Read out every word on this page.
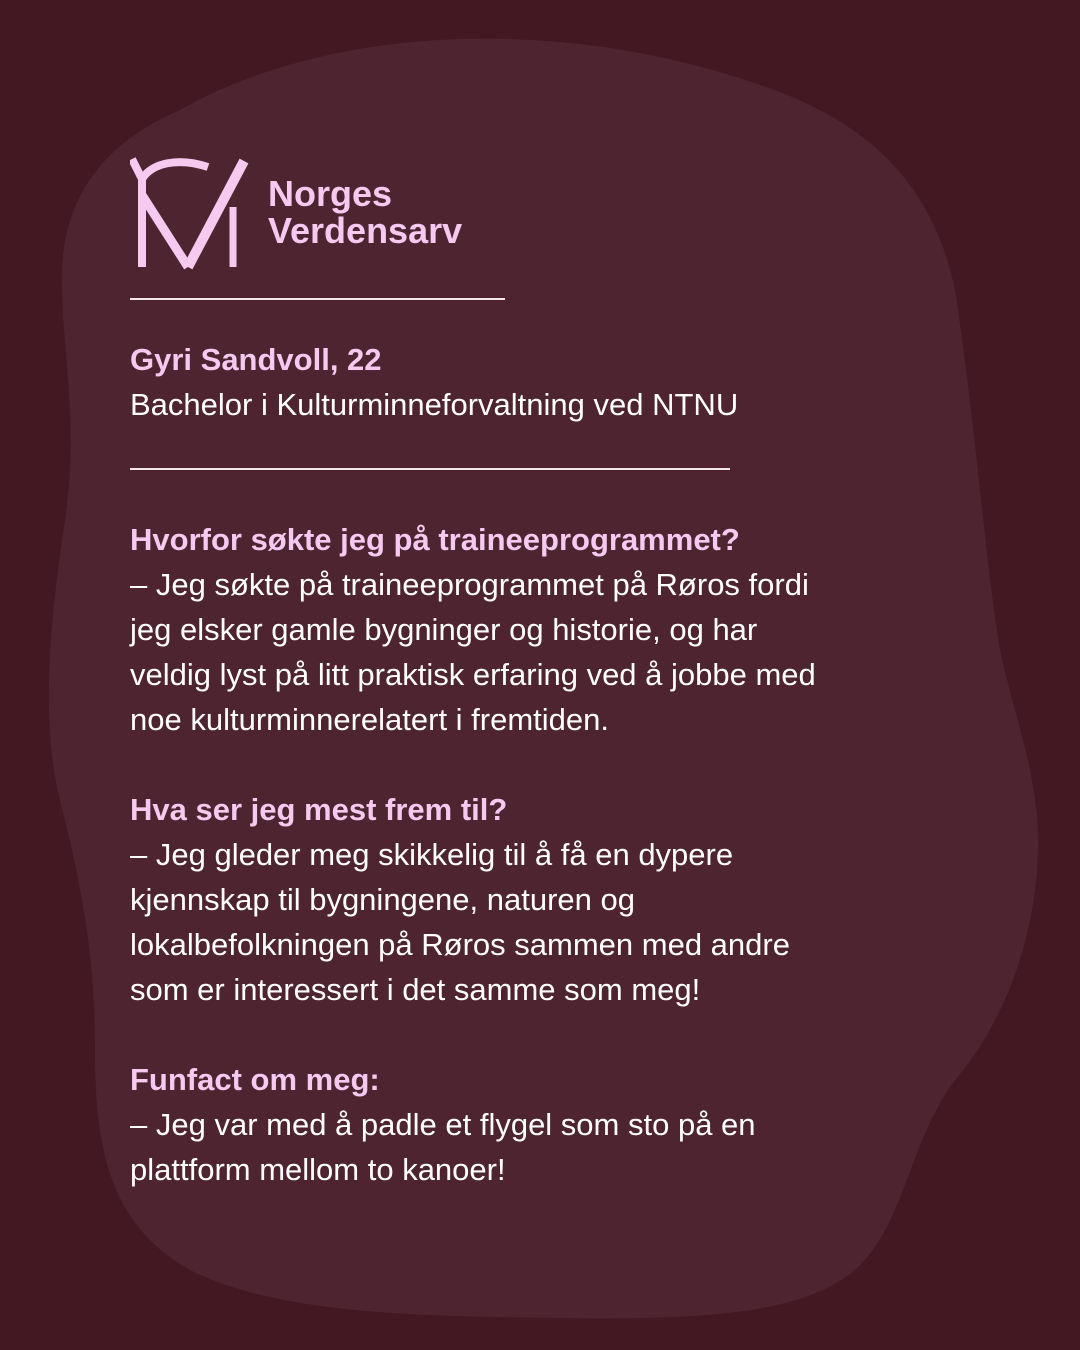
Norges
Verdensarv
Gyri Sandvoll, 22
Bachelor i Kulturminneforvaltning ved NTNU
Hvorfor søkte jeg på traineeprogrammet?
– Jeg søkte på traineeprogrammet på Røros fordi
jeg elsker gamle bygninger og historie, og har
veldig lyst på litt praktisk erfaring ved å jobbe med
noe kulturminnerelatert i fremtiden.
Hva ser jeg mest frem til?
– Jeg gleder meg skikkelig til å få en dypere
kjennskap til bygningene, naturen og
lokalbefolkningen på Røros sammen med andre
som er interessert i det samme som meg!
Funfact om meg:
– Jeg var med å padle et flygel som sto på en
plattform mellom to kanoer!
